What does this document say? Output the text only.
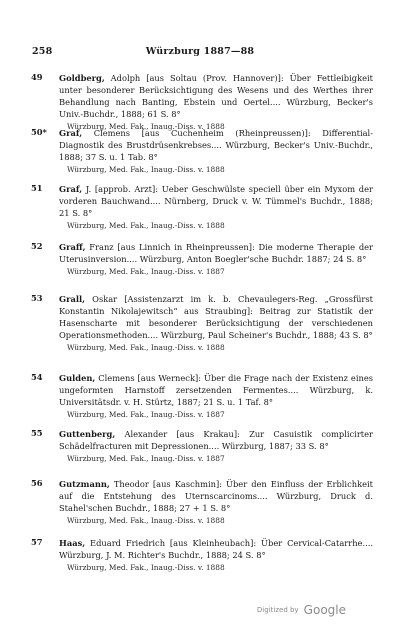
258	Würzburg 1887—88
49	Goldberg, Adolph [aus Soltau (Prov. Hannover)]: Über Fettleibigkeit unter besonderer Berücksichtigung des Wesens und des Werthes ihrer Behandlung nach Banting, Ebstein und Oertel.... Würzburg, Becker's Univ.-Buchdr., 1888; 61 S. 8°

Würzburg, Med. Fak., Inaug.-Diss. v. 1888
50*	Graf, Clemens [aus Cuchenheim (Rheinpreussen)]: Differential-Diagnostik des Brustdrüsenkrebses.... Würzburg, Becker's Univ.-Buchdr., 1888; 37 S. u. 1 Tab. 8°

Würzburg, Med. Fak., Inaug.-Diss. v. 1888
51	Graf, J. [approb. Arzt]: Ueber Geschwülste speciell über ein Myxom der vorderen Bauchwand.... Nürnberg, Druck v. W. Tümmel's Buchdr., 1888; 21 S. 8°

Würzburg, Med. Fak., Inaug.-Diss. v. 1888
52	Graff, Franz [aus Linnich in Rheinpreussen]: Die moderne Therapie der Uterusinversion.... Würzburg, Anton Boegler'sche Buchdr. 1887; 24 S. 8°

Würzburg, Med. Fak., Inaug.-Diss. v. 1887
53	Grall, Oskar [Assistenzarzt im k. b. Chevaulegers-Reg. „Grossfürst Konstantin Nikolajewitsch“ aus Straubing]: Beitrag zur Statistik der Hasenscharte mit besonderer Berücksichtigung der verschiedenen Operationsmethoden.... Würzburg, Paul Scheiner's Buchdr., 1888; 43 S. 8°

Würzburg, Med. Fak., Inaug.-Diss. v. 1888
54	Gulden, Clemens [aus Werneck]: Über die Frage nach der Existenz eines ungeformten Harnstoff zersetzenden Fermentes.... Würzburg, k. Universitätsdr. v. H. Stürtz, 1887; 21 S. u. 1 Taf. 8°

Würzburg, Med. Fak., Inaug.-Diss. v. 1887
55	Guttenberg, Alexander [aus Krakau]: Zur Casuistik complicirter Schädelfracturen mit Depressionen.... Würzburg, 1887; 33 S. 8°

Würzburg, Med. Fak., Inaug.-Diss. v. 1887
56	Gutzmann, Theodor [aus Kaschmin]: Über den Einfluss der Erblichkeit auf die Entstehung des Uternscarcinoms.... Würzburg, Druck d. Stahel'schen Buchdr., 1888; 27 + 1 S. 8°

Würzburg, Med. Fak., Inaug.-Diss. v. 1888
57	Haas, Eduard Friedrich [aus Kleinheubach]: Über Cervical-Catarrhe.... Würzburg, J. M. Richter's Buchdr., 1888; 24 S. 8°

Würzburg, Med. Fak., Inaug.-Diss. v. 1888
Digitized by Google
